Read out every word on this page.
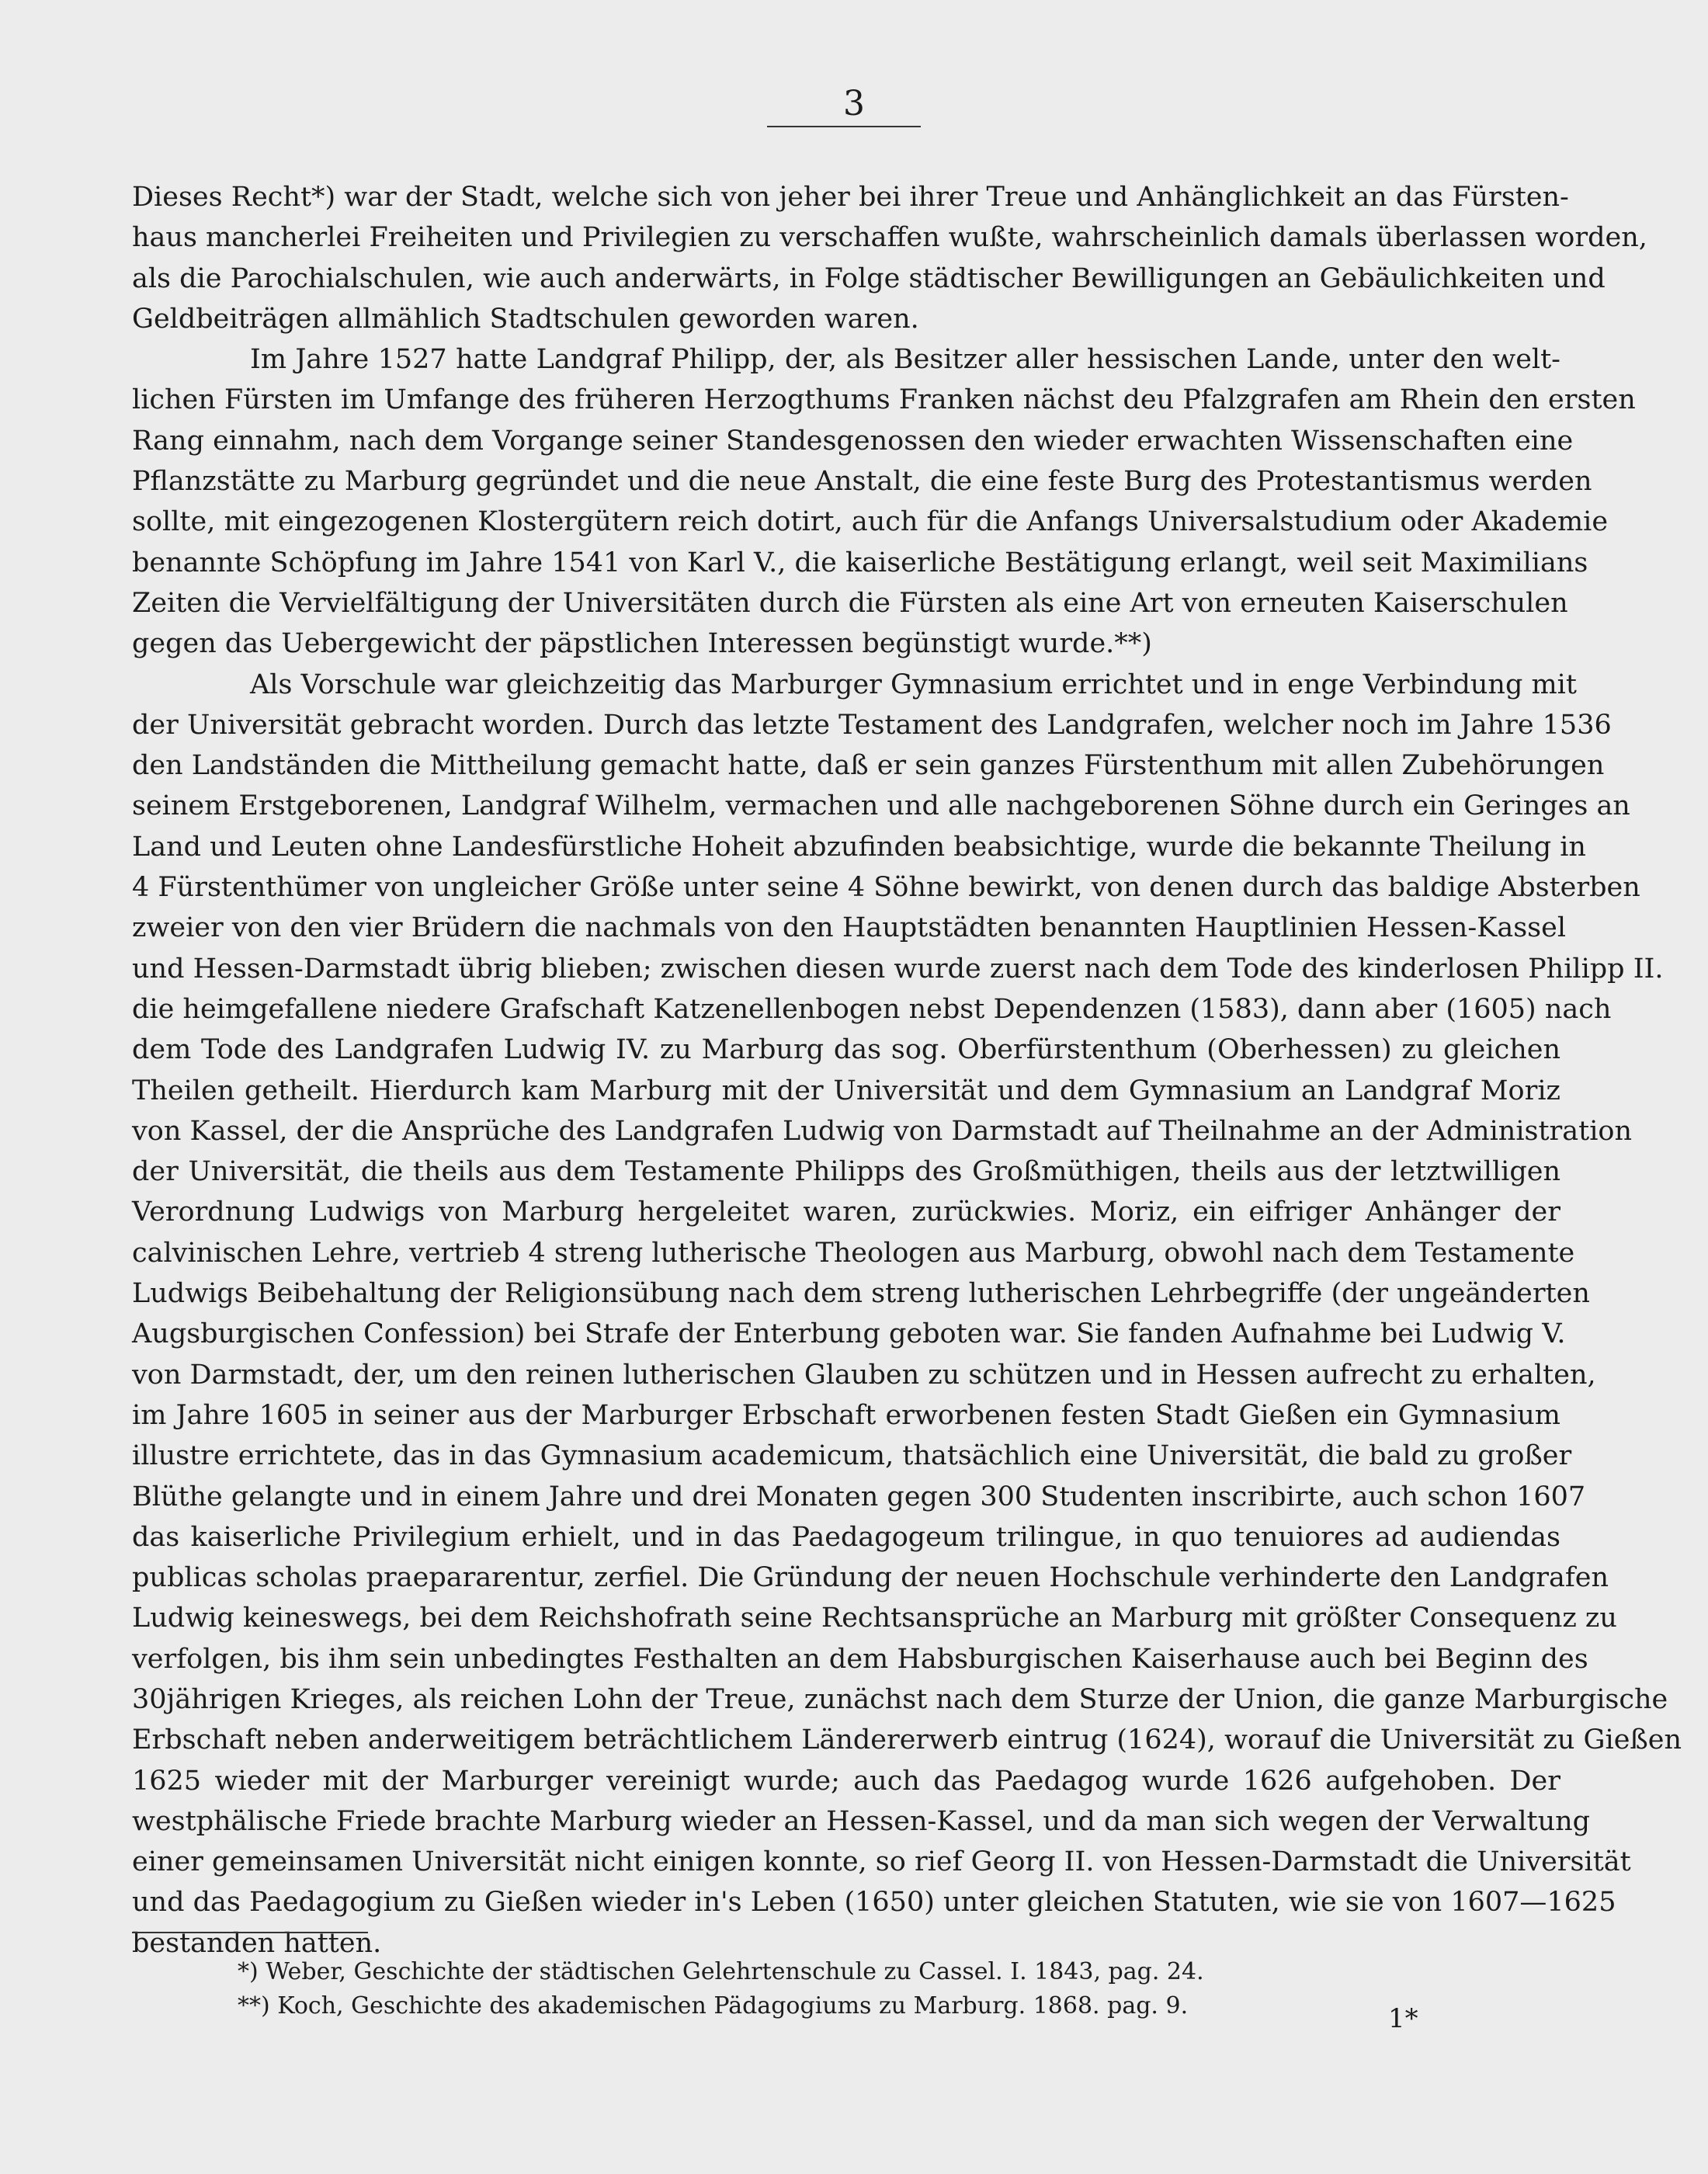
3
Dieses Recht*) war der Stadt, welche sich von jeher bei ihrer Treue und Anhänglichkeit an das Fürsten-
haus mancherlei Freiheiten und Privilegien zu verschaffen wußte, wahrscheinlich damals überlassen worden,
als die Parochialschulen, wie auch anderwärts, in Folge städtischer Bewilligungen an Gebäulichkeiten und
Geldbeiträgen allmählich Stadtschulen geworden waren.
Im Jahre 1527 hatte Landgraf Philipp, der, als Besitzer aller hessischen Lande, unter den welt-
lichen Fürsten im Umfange des früheren Herzogthums Franken nächst deu Pfalzgrafen am Rhein den ersten
Rang einnahm, nach dem Vorgange seiner Standesgenossen den wieder erwachten Wissenschaften eine
Pflanzstätte zu Marburg gegründet und die neue Anstalt, die eine feste Burg des Protestantismus werden
sollte, mit eingezogenen Klostergütern reich dotirt, auch für die Anfangs Universalstudium oder Akademie
benannte Schöpfung im Jahre 1541 von Karl V., die kaiserliche Bestätigung erlangt, weil seit Maximilians
Zeiten die Vervielfältigung der Universitäten durch die Fürsten als eine Art von erneuten Kaiserschulen
gegen das Uebergewicht der päpstlichen Interessen begünstigt wurde.**)
Als Vorschule war gleichzeitig das Marburger Gymnasium errichtet und in enge Verbindung mit
der Universität gebracht worden. Durch das letzte Testament des Landgrafen, welcher noch im Jahre 1536
den Landständen die Mittheilung gemacht hatte, daß er sein ganzes Fürstenthum mit allen Zubehörungen
seinem Erstgeborenen, Landgraf Wilhelm, vermachen und alle nachgeborenen Söhne durch ein Geringes an
Land und Leuten ohne Landesfürstliche Hoheit abzufinden beabsichtige, wurde die bekannte Theilung in
4 Fürstenthümer von ungleicher Größe unter seine 4 Söhne bewirkt, von denen durch das baldige Absterben
zweier von den vier Brüdern die nachmals von den Hauptstädten benannten Hauptlinien Hessen-Kassel
und Hessen-Darmstadt übrig blieben; zwischen diesen wurde zuerst nach dem Tode des kinderlosen Philipp II.
die heimgefallene niedere Grafschaft Katzenellenbogen nebst Dependenzen (1583), dann aber (1605) nach
dem Tode des Landgrafen Ludwig IV. zu Marburg das sog. Oberfürstenthum (Oberhessen) zu gleichen
Theilen getheilt. Hierdurch kam Marburg mit der Universität und dem Gymnasium an Landgraf Moriz
von Kassel, der die Ansprüche des Landgrafen Ludwig von Darmstadt auf Theilnahme an der Administration
der Universität, die theils aus dem Testamente Philipps des Großmüthigen, theils aus der letztwilligen
Verordnung Ludwigs von Marburg hergeleitet waren, zurückwies. Moriz, ein eifriger Anhänger der
calvinischen Lehre, vertrieb 4 streng lutherische Theologen aus Marburg, obwohl nach dem Testamente
Ludwigs Beibehaltung der Religionsübung nach dem streng lutherischen Lehrbegriffe (der ungeänderten
Augsburgischen Confession) bei Strafe der Enterbung geboten war. Sie fanden Aufnahme bei Ludwig V.
von Darmstadt, der, um den reinen lutherischen Glauben zu schützen und in Hessen aufrecht zu erhalten,
im Jahre 1605 in seiner aus der Marburger Erbschaft erworbenen festen Stadt Gießen ein Gymnasium
illustre errichtete, das in das Gymnasium academicum, thatsächlich eine Universität, die bald zu großer
Blüthe gelangte und in einem Jahre und drei Monaten gegen 300 Studenten inscribirte, auch schon 1607
das kaiserliche Privilegium erhielt, und in das Paedagogeum trilingue, in quo tenuiores ad audiendas
publicas scholas praepararentur, zerfiel. Die Gründung der neuen Hochschule verhinderte den Landgrafen
Ludwig keineswegs, bei dem Reichshofrath seine Rechtsansprüche an Marburg mit größter Consequenz zu
verfolgen, bis ihm sein unbedingtes Festhalten an dem Habsburgischen Kaiserhause auch bei Beginn des
30jährigen Krieges, als reichen Lohn der Treue, zunächst nach dem Sturze der Union, die ganze Marburgische
Erbschaft neben anderweitigem beträchtlichem Ländererwerb eintrug (1624), worauf die Universität zu Gießen
1625 wieder mit der Marburger vereinigt wurde; auch das Paedagog wurde 1626 aufgehoben. Der
westphälische Friede brachte Marburg wieder an Hessen-Kassel, und da man sich wegen der Verwaltung
einer gemeinsamen Universität nicht einigen konnte, so rief Georg II. von Hessen-Darmstadt die Universität
und das Paedagogium zu Gießen wieder in's Leben (1650) unter gleichen Statuten, wie sie von 1607—1625
bestanden hatten.
*) Weber, Geschichte der städtischen Gelehrtenschule zu Cassel. I. 1843, pag. 24.
**) Koch, Geschichte des akademischen Pädagogiums zu Marburg. 1868. pag. 9.	1*
